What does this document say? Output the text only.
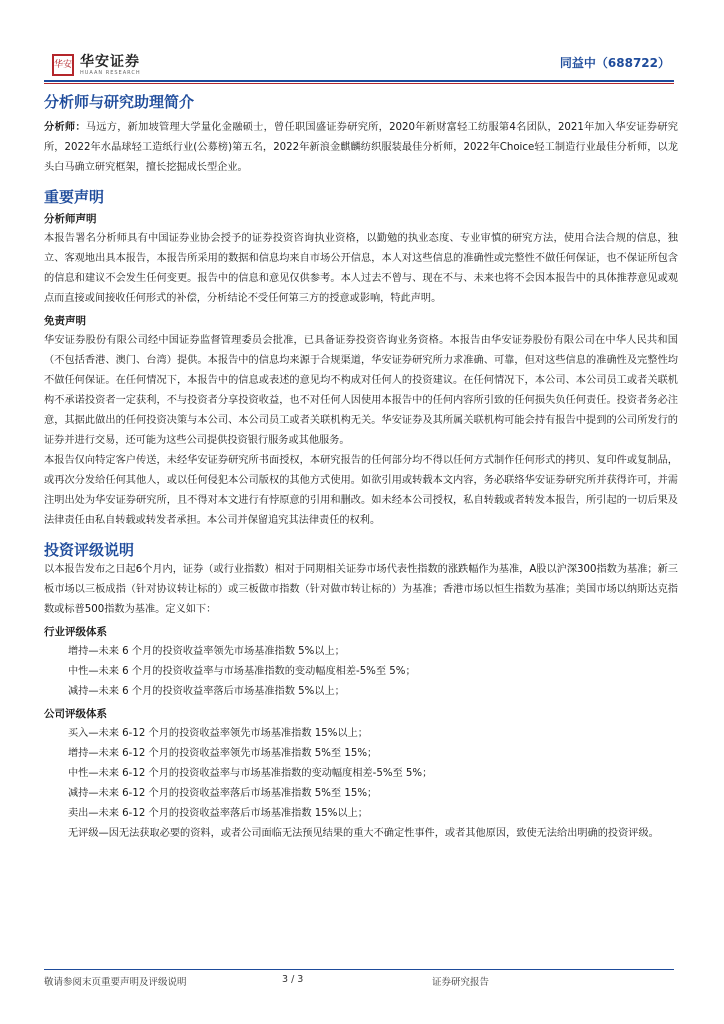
华安 华安证券
HUAAN RESEARCH
同益中（688722）
分析师与研究助理简介

分析师：马远方，新加坡管理大学量化金融硕士，曾任职国盛证券研究所，2020年新财富轻工纺服第4名团队，2021年加入华安证券研究所，2022年水晶球轻工造纸行业(公募榜)第五名，2022年新浪金麒麟纺织服装最佳分析师，2022年Choice轻工制造行业最佳分析师，以龙头白马确立研究框架，擅长挖掘成长型企业。

重要声明
分析师声明

本报告署名分析师具有中国证券业协会授予的证券投资咨询执业资格，以勤勉的执业态度、专业审慎的研究方法，使用合法合规的信息，独立、客观地出具本报告，本报告所采用的数据和信息均来自市场公开信息，本人对这些信息的准确性或完整性不做任何保证，也不保证所包含的信息和建议不会发生任何变更。报告中的信息和意见仅供参考。本人过去不曾与、现在不与、未来也将不会因本报告中的具体推荐意见或观点而直接或间接收任何形式的补偿，分析结论不受任何第三方的授意或影响，特此声明。

免责声明

华安证券股份有限公司经中国证券监督管理委员会批准，已具备证券投资咨询业务资格。本报告由华安证券股份有限公司在中华人民共和国（不包括香港、澳门、台湾）提供。本报告中的信息均来源于合规渠道，华安证券研究所力求准确、可靠，但对这些信息的准确性及完整性均不做任何保证。在任何情况下，本报告中的信息或表述的意见均不构成对任何人的投资建议。在任何情况下，本公司、本公司员工或者关联机构不承诺投资者一定获利，不与投资者分享投资收益，也不对任何人因使用本报告中的任何内容所引致的任何损失负任何责任。投资者务必注意，其据此做出的任何投资决策与本公司、本公司员工或者关联机构无关。华安证券及其所属关联机构可能会持有报告中提到的公司所发行的证券并进行交易，还可能为这些公司提供投资银行服务或其他服务。

本报告仅向特定客户传送，未经华安证券研究所书面授权，本研究报告的任何部分均不得以任何方式制作任何形式的拷贝、复印件或复制品，或再次分发给任何其他人，或以任何侵犯本公司版权的其他方式使用。如欲引用或转载本文内容，务必联络华安证券研究所并获得许可，并需注明出处为华安证券研究所，且不得对本文进行有悖原意的引用和删改。如未经本公司授权，私自转载或者转发本报告，所引起的一切后果及法律责任由私自转载或转发者承担。本公司并保留追究其法律责任的权利。

投资评级说明

以本报告发布之日起6个月内，证券（或行业指数）相对于同期相关证券市场代表性指数的涨跌幅作为基准，A股以沪深300指数为基准；新三板市场以三板成指（针对协议转让标的）或三板做市指数（针对做市转让标的）为基准；香港市场以恒生指数为基准；美国市场以纳斯达克指数或标普500指数为基准。定义如下：

行业评级体系

增持—未来 6 个月的投资收益率领先市场基准指数 5%以上；

中性—未来 6 个月的投资收益率与市场基准指数的变动幅度相差-5%至 5%；

减持—未来 6 个月的投资收益率落后市场基准指数 5%以上；

公司评级体系

买入—未来 6-12 个月的投资收益率领先市场基准指数 15%以上；

增持—未来 6-12 个月的投资收益率领先市场基准指数 5%至 15%；

中性—未来 6-12 个月的投资收益率与市场基准指数的变动幅度相差-5%至 5%；

减持—未来 6-12 个月的投资收益率落后市场基准指数 5%至 15%；

卖出—未来 6-12 个月的投资收益率落后市场基准指数 15%以上；

无评级—因无法获取必要的资料，或者公司面临无法预见结果的重大不确定性事件，或者其他原因，致使无法给出明确的投资评级。

敬请参阅末页重要声明及评级说明	3 / 3	证券研究报告
